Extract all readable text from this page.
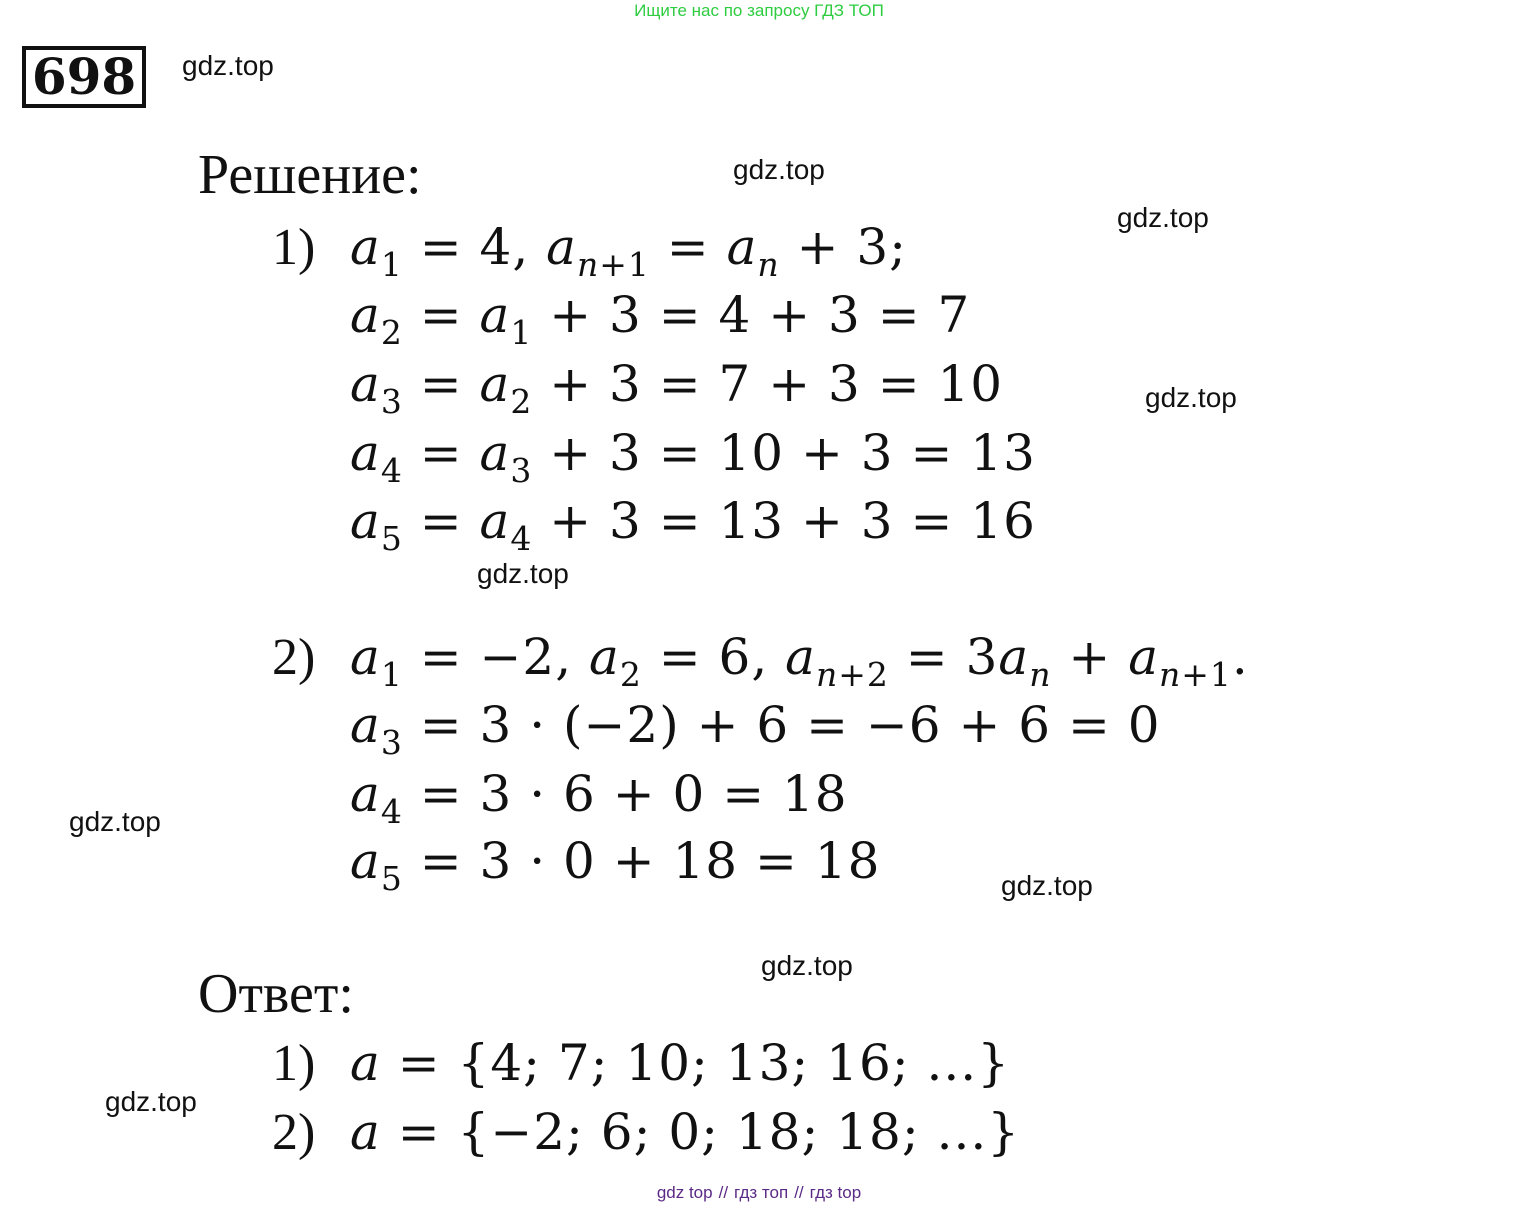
Ищите нас по запросу ГДЗ ТОП
698	gdz.top
gdz.top
gdz.top
gdz.top
gdz.top
gdz.top
gdz.top
gdz.top
gdz.top
Решение:
1) $a_1 = 4$, $a_{n+1} = a_n + 3$;
$a_2 = a_1 + 3 = 4 + 3 = 7$
$a_3 = a_2 + 3 = 7 + 3 = 10$
$a_4 = a_3 + 3 = 10 + 3 = 13$
$a_5 = a_4 + 3 = 13 + 3 = 16$
2) $a_1 = -2$, $a_2 = 6$, $a_{n+2} = 3a_n + a_{n+1}$.
$a_3 = 3 \cdot (-2) + 6 = -6 + 6 = 0$
$a_4 = 3 \cdot 6 + 0 = 18$
$a_5 = 3 \cdot 0 + 18 = 18$
Ответ:
1) a = {4; 7; 10; 13; 16; ...}
2) a = {−2; 6; 0; 18; 18; ...}
gdz top // гдз топ // гдз top
